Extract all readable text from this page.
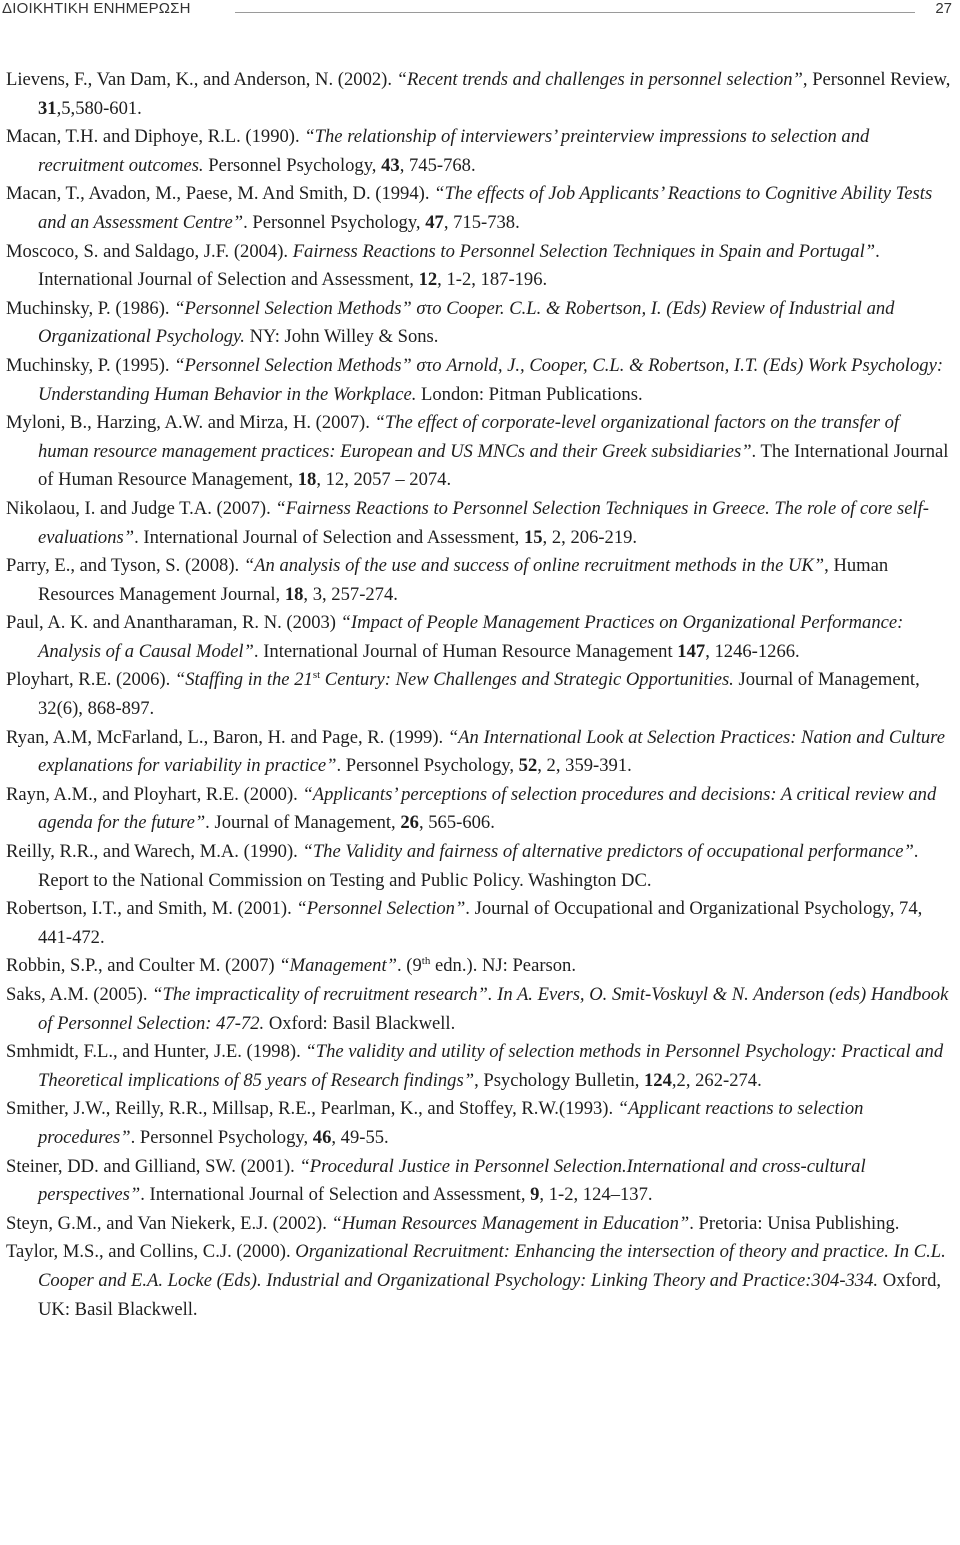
ΔΙΟΙΚΗΤΙΚΗ ΕΝΗΜΕΡΩΣΗ	27

Lievens, F., Van Dam, K., and Anderson, N. (2002). “Recent trends and challenges in personnel selection”, Personnel Review, 31,5,580-601.

Macan, T.H. and Diphoye, R.L. (1990). “The relationship of interviewers’ preinterview impressions to selection and recruitment outcomes. Personnel Psychology, 43, 745-768.

Macan, T., Avadon, M., Paese, M. And Smith, D. (1994). “The effects of Job Applicants’ Reactions to Cognitive Ability Tests and an Assessment Centre”. Personnel Psychology, 47, 715-738.

Moscoco, S. and Saldago, J.F. (2004). Fairness Reactions to Personnel Selection Techniques in Spain and Portugal”. International Journal of Selection and Assessment, 12, 1-2, 187-196.

Muchinsky, P. (1986). “Personnel Selection Methods” στο Cooper. C.L. & Robertson, I. (Eds) Review of Industrial and Organizational Psychology. NY: John Willey & Sons.

Muchinsky, P. (1995). “Personnel Selection Methods” στο Arnold, J., Cooper, C.L. & Robertson, I.T. (Eds) Work Psychology: Understanding Human Behavior in the Workplace. London: Pitman Publications.

Myloni, B., Harzing, A.W. and Mirza, H. (2007). “The effect of corporate-level organizational factors on the transfer of human resource management practices: European and US MNCs and their Greek subsidiaries”. The International Journal of Human Resource Management, 18, 12, 2057 – 2074.

Nikolaou, I. and Judge T.A. (2007). “Fairness Reactions to Personnel Selection Techniques in Greece. The role of core self-evaluations”. International Journal of Selection and Assessment, 15, 2, 206-219.

Parry, E., and Tyson, S. (2008). “An analysis of the use and success of online recruitment methods in the UK”, Human Resources Management Journal, 18, 3, 257-274.

Paul, A. K. and Anantharaman, R. N. (2003) “Impact of People Management Practices on Organizational Performance: Analysis of a Causal Model”. International Journal of Human Resource Management 147, 1246-1266.

Ployhart, R.E. (2006). “Staffing in the 21st Century: New Challenges and Strategic Opportunities. Journal of Management, 32(6), 868-897.

Ryan, A.M, McFarland, L., Baron, H. and Page, R. (1999). “An International Look at Selection Practices: Nation and Culture explanations for variability in practice”. Personnel Psychology, 52, 2, 359-391.

Rayn, A.M., and Ployhart, R.E. (2000). “Applicants’ perceptions of selection procedures and decisions: A critical review and agenda for the future”. Journal of Management, 26, 565-606.

Reilly, R.R., and Warech, M.A. (1990). “The Validity and fairness of alternative predictors of occupational performance”. Report to the National Commission on Testing and Public Policy. Washington DC.

Robertson, I.T., and Smith, M. (2001). “Personnel Selection”. Journal of Occupational and Organizational Psychology, 74, 441-472.

Robbin, S.P., and Coulter M. (2007) “Management”. (9th edn.). NJ: Pearson.

Saks, A.M. (2005). “The impracticality of recruitment research”. In A. Evers, O. Smit-Voskuyl & N. Anderson (eds) Handbook of Personnel Selection: 47-72. Oxford: Basil Blackwell.

Smhmidt, F.L., and Hunter, J.E. (1998). “The validity and utility of selection methods in Personnel Psychology: Practical and Theoretical implications of 85 years of Research findings”, Psychology Bulletin, 124,2, 262-274.

Smither, J.W., Reilly, R.R., Millsap, R.E., Pearlman, K., and Stoffey, R.W.(1993). “Applicant reactions to selection procedures”. Personnel Psychology, 46, 49-55.

Steiner, DD. and Gilliand, SW. (2001). “Procedural Justice in Personnel Selection.International and cross-cultural perspectives”. International Journal of Selection and Assessment, 9, 1-2, 124–137.

Steyn, G.M., and Van Niekerk, E.J. (2002). “Human Resources Management in Education”. Pretoria: Unisa Publishing.

Taylor, M.S., and Collins, C.J. (2000). Organizational Recruitment: Enhancing the intersection of theory and practice. In C.L. Cooper and E.A. Locke (Eds). Industrial and Organizational Psychology: Linking Theory and Practice:304-334. Oxford, UK: Basil Blackwell.
